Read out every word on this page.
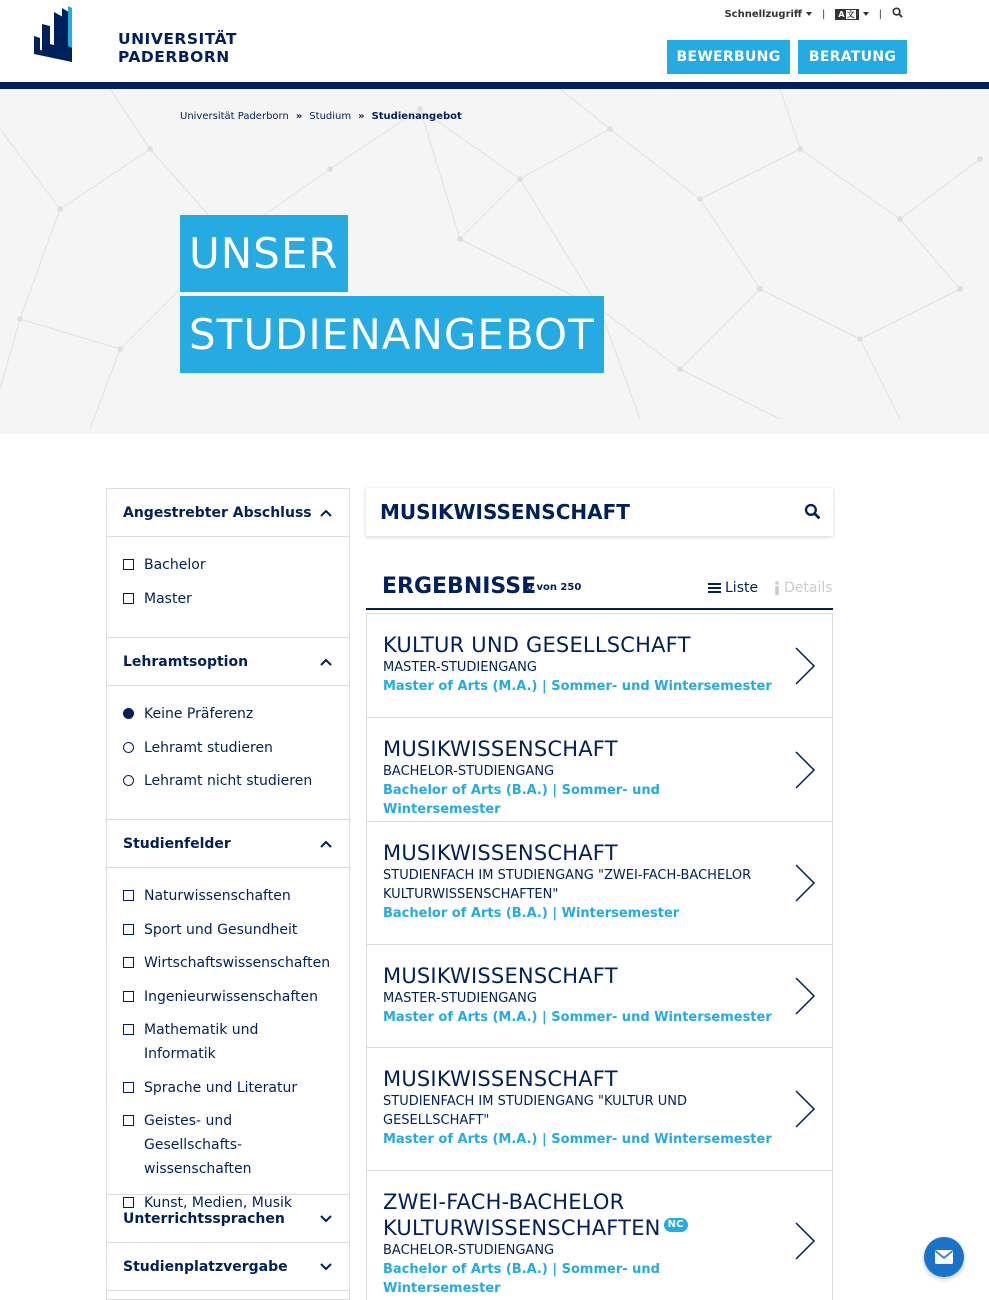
UNIVERSITÄT
PADERBORN
Schnellzugriff	| A 文 |
BEWERBUNG	BERATUNG
Universität Paderborn » Studium » Studienangebot
UNSER
STUDIENANGEBOT
Angestrebter Abschluss
Bachelor
Master
Lehramtsoption
Keine Präferenz
Lehramt studieren
Lehramt nicht studieren
Studienfelder
Naturwissenschaften
Sport und Gesundheit
Wirtschaftswissenschaften
Ingenieurwissenschaften
Mathematik und Informatik
Sprache und Literatur
Geistes- und Gesellschafts-wissenschaften
Kunst, Medien, Musik
Unterrichtssprachen
Studienplatzvergabe
MUSIKWISSENSCHAFT
ERGEBNISSE
6 von 250	Liste Details
KULTUR UND GESELLSCHAFT
MASTER-STUDIENGANG
Master of Arts (M.A.) | Sommer- und Wintersemester
MUSIKWISSENSCHAFT
BACHELOR-STUDIENGANG
Bachelor of Arts (B.A.) | Sommer- und Wintersemester
MUSIKWISSENSCHAFT
STUDIENFACH IM STUDIENGANG "ZWEI-FACH-BACHELOR KULTURWISSENSCHAFTEN"
Bachelor of Arts (B.A.) | Wintersemester
MUSIKWISSENSCHAFT
MASTER-STUDIENGANG
Master of Arts (M.A.) | Sommer- und Wintersemester
MUSIKWISSENSCHAFT
STUDIENFACH IM STUDIENGANG "KULTUR UND GESELLSCHAFT"
Master of Arts (M.A.) | Sommer- und Wintersemester
ZWEI-FACH-BACHELOR KULTURWISSENSCHAFTEN NC
BACHELOR-STUDIENGANG
Bachelor of Arts (B.A.) | Sommer- und Wintersemester
